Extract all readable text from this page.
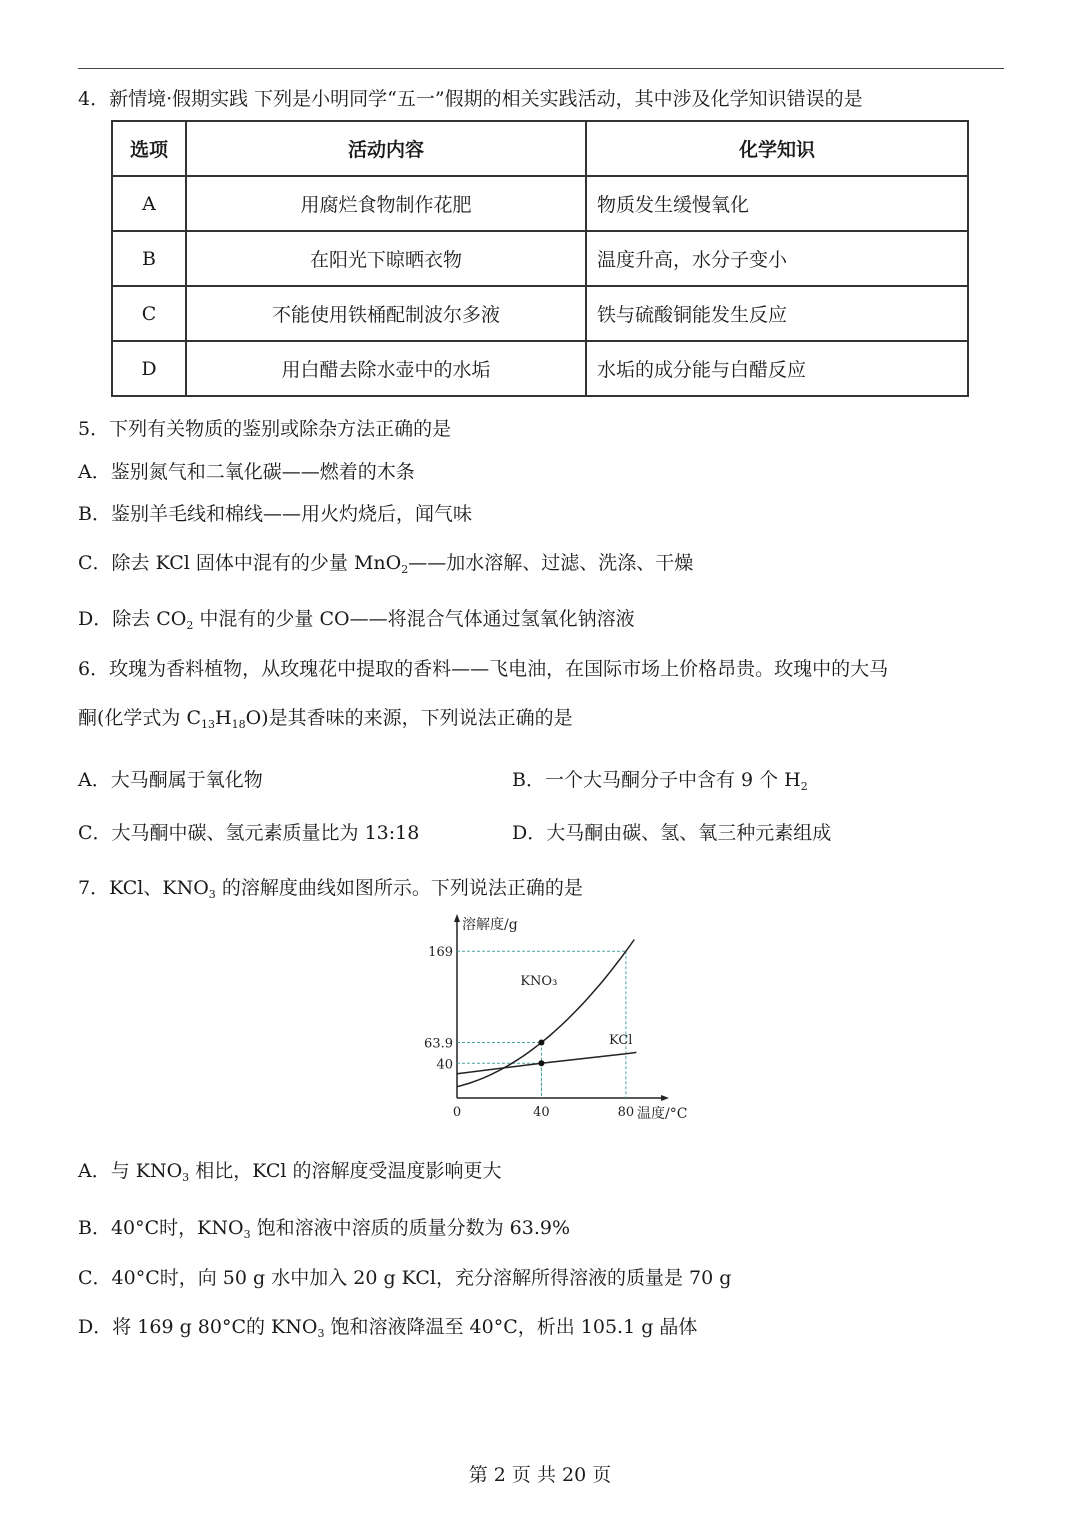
4．新情境·假期实践 下列是小明同学“五一”假期的相关实践活动，其中涉及化学知识错误的是
选项	活动内容	化学知识
A	用腐烂食物制作花肥	物质发生缓慢氧化
B	在阳光下晾晒衣物	温度升高，水分子变小
C	不能使用铁桶配制波尔多液	铁与硫酸铜能发生反应
D	用白醋去除水壶中的水垢	水垢的成分能与白醋反应
5．下列有关物质的鉴别或除杂方法正确的是
A．鉴别氮气和二氧化碳——燃着的木条
B．鉴别羊毛线和棉线——用火灼烧后，闻气味
C．除去 KCl 固体中混有的少量 MnO$_2$——加水溶解、过滤、洗涤、干燥
D．除去 $CO_2$ 中混有的少量 CO——将混合气体通过氢氧化钠溶液
6．玫瑰为香料植物，从玫瑰花中提取的香料——飞电油，在国际市场上价格昂贵。玫瑰中的大马
酮(化学式为 $C_{13}H_{18}O$)是其香味的来源，下列说法正确的是
A．大马酮属于氧化物	B．一个大马酮分子中含有 9 个 $H_2$
C．大马酮中碳、氢元素质量比为 13:18	D．大马酮由碳、氢、氧三种元素组成
7．KCl、$KNO_3$ 的溶解度曲线如图所示。下列说法正确的是
溶解度/g
温度/°C
0	40	80
40
63.9
169
KNO₃
KCl
A．与 $KNO_3$ 相比，KCl 的溶解度受温度影响更大
B．40°C时，$KNO_3$ 饱和溶液中溶质的质量分数为 63.9%
C．40°C时，向 50 g 水中加入 20 g KCl，充分溶解所得溶液的质量是 70 g
D．将 169 g 80°C的 $KNO_3$ 饱和溶液降温至 40°C，析出 105.1 g 晶体
第 2 页 共 20 页
